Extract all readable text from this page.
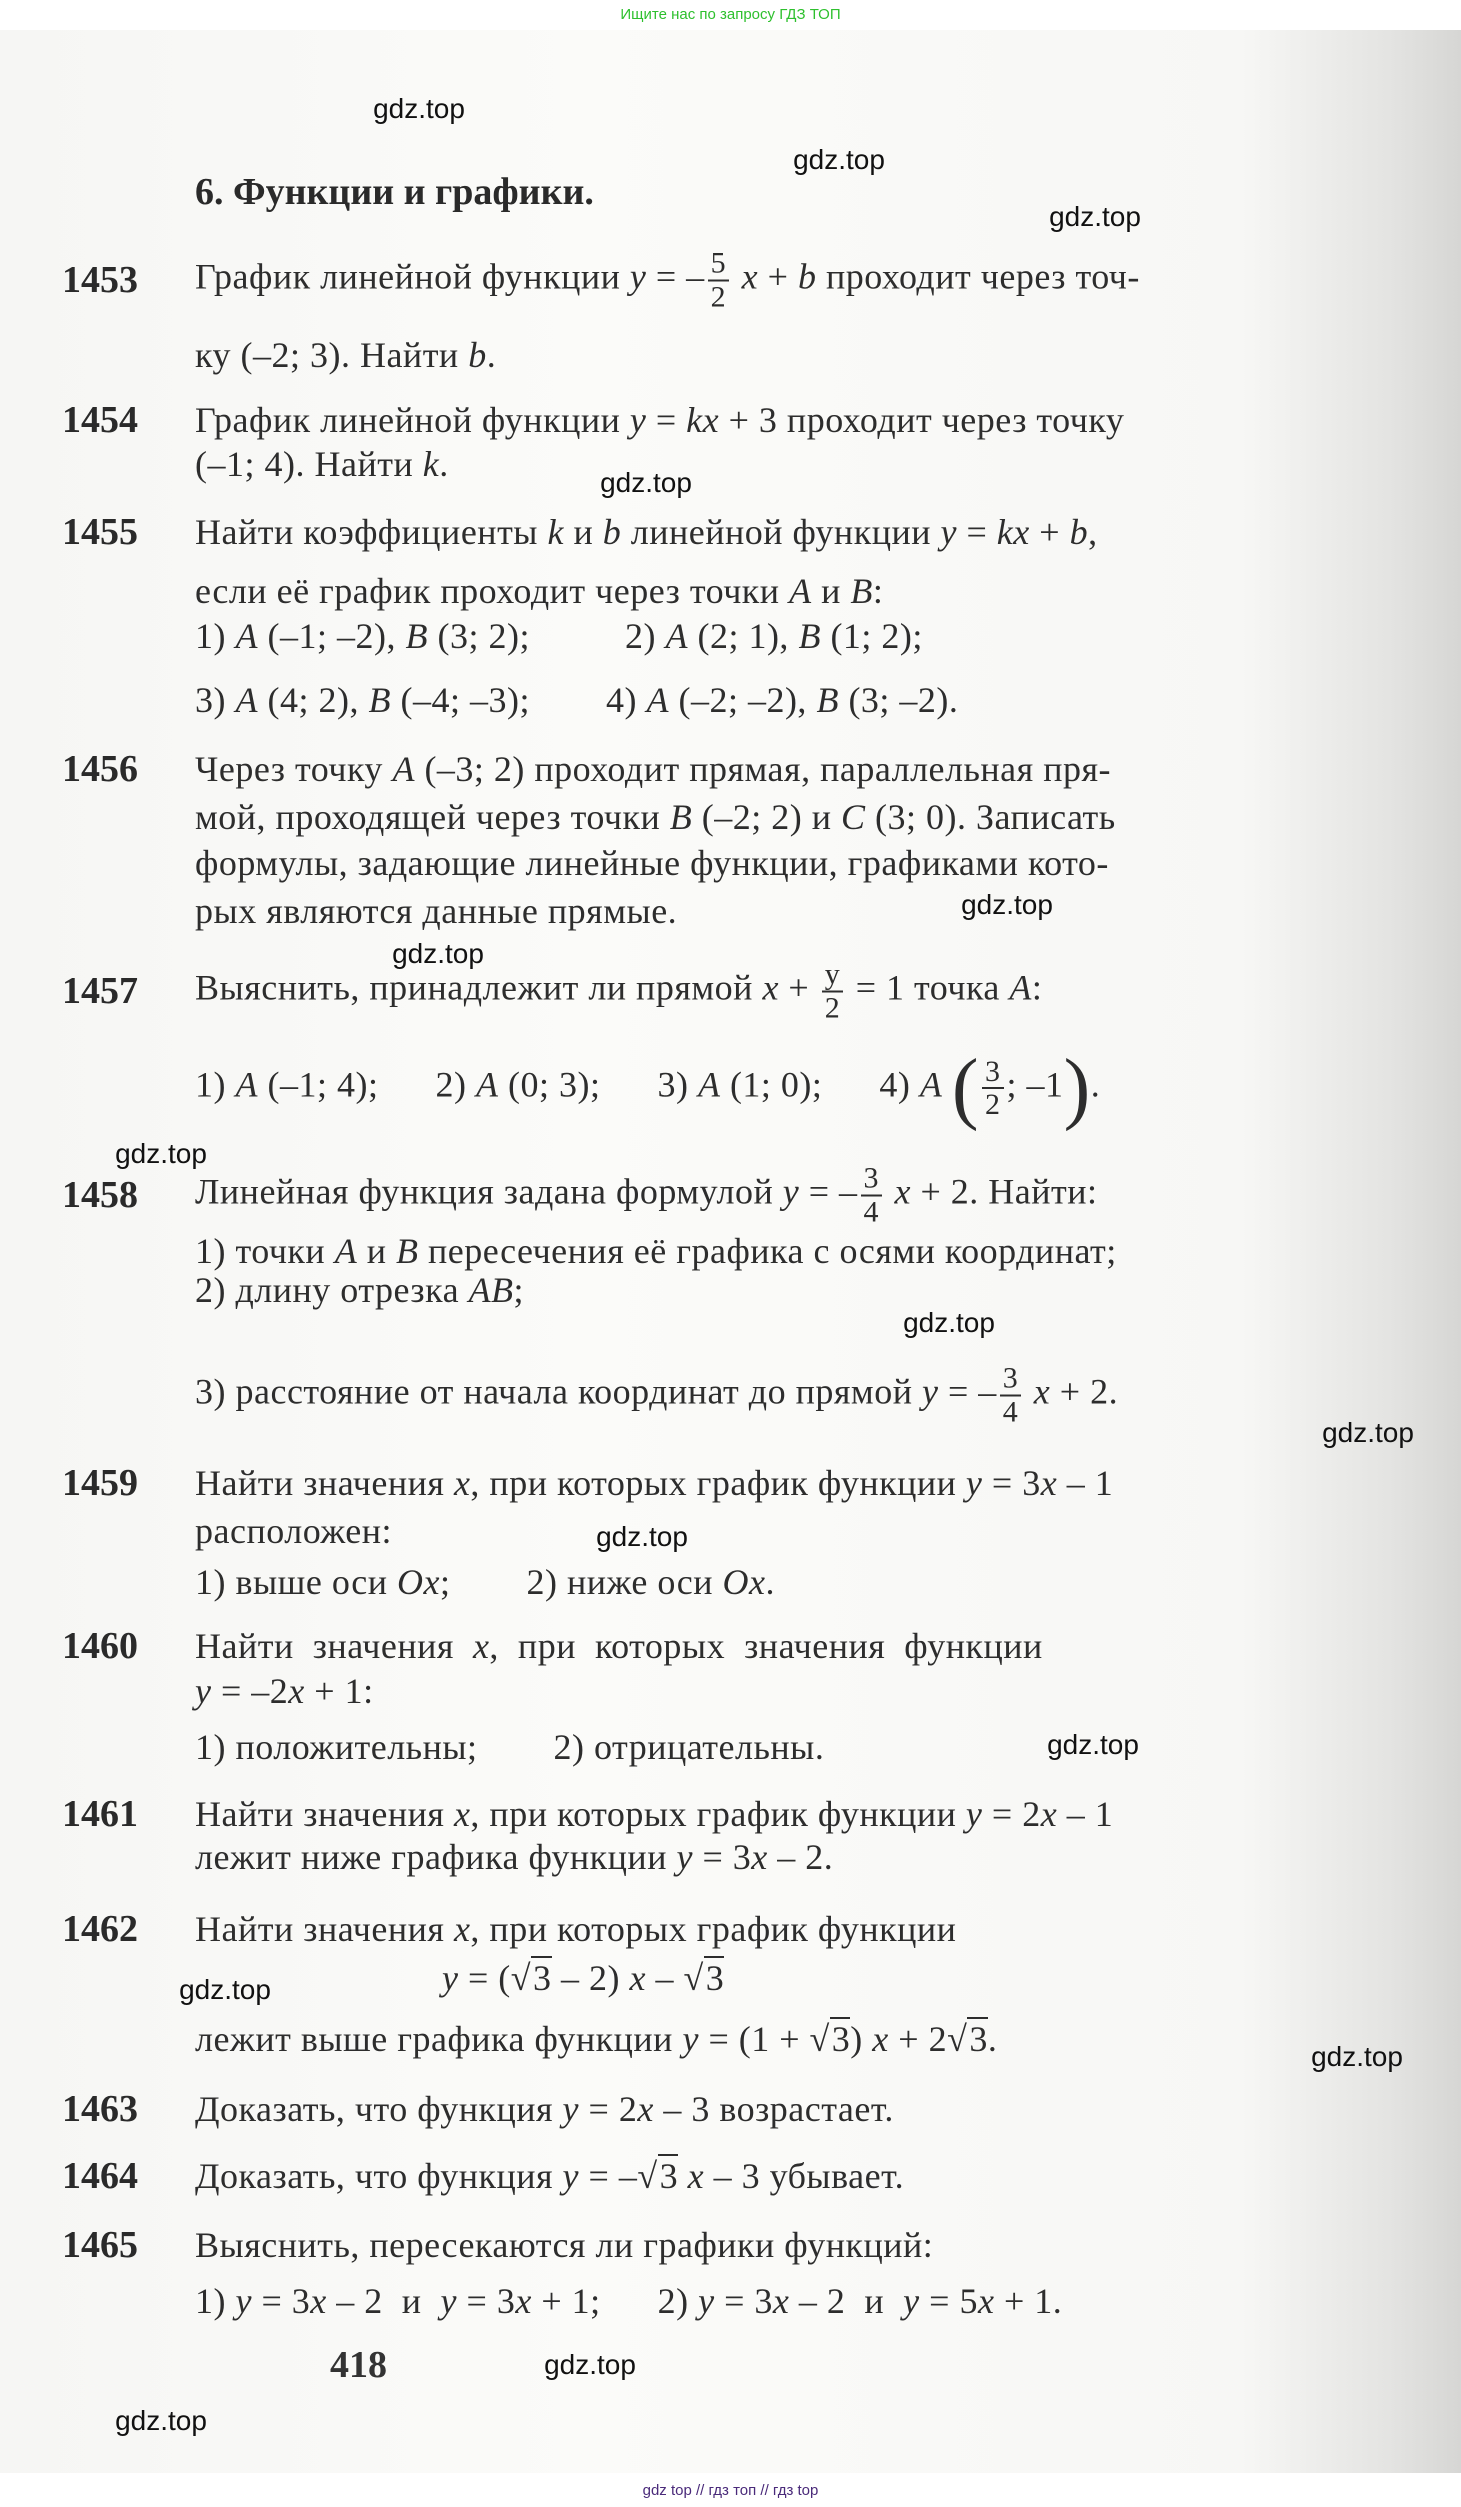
Ищите нас по запросу ГДЗ ТОП
6. Функции и графики.
1453 График линейной функции y = – $\frac{5}{2}$ x + b проходит через точ-
ку (–2; 3). Найти b.
1454 График линейной функции y = kx + 3 проходит через точку
(–1; 4). Найти k.
1455 Найти коэффициенты k и b линейной функции y = kx + b,
если её график проходит через точки A и B:
1) A (–1; –2), B (3; 2);          2) A (2; 1), B (1; 2);
3) A (4; 2), B (–4; –3);        4) A (–2; –2), B (3; –2).
1456 Через точку A (–3; 2) проходит прямая, параллельная пря-
мой, проходящей через точки B (–2; 2) и C (3; 0). Записать
формулы, задающие линейные функции, графиками кото-
рых являются данные прямые.
1457 Выяснить, принадлежит ли прямой $x + \frac{y}{2} = 1$ точка A:
1) A (–1; 4);      2) A (0; 3);      3) A (1; 0);      4) A ( $\frac{3}{2}$ ; –1).
1458 Линейная функция задана формулой y = – $\frac{3}{4}$ x + 2. Найти:
1) точки A и B пересечения её графика с осями координат;
2) длину отрезка AB;
3) расстояние от начала координат до прямой y = – $\frac{3}{4}$ x + 2.
1459 Найти значения x, при которых график функции y = 3x – 1
расположен:
1) выше оси Ox;        2) ниже оси Ox.
1460 Найти  значения  x,  при  которых  значения  функции
y = –2x + 1:
1) положительны;        2) отрицательны.
1461 Найти значения x, при которых график функции y = 2x – 1
лежит ниже графика функции y = 3x – 2.
1462 Найти значения x, при которых график функции
y = (√3 – 2) x – √3
лежит выше графика функции y = (1 + √3) x + 2√3.
1463 Доказать, что функция y = 2x – 3 возрастает.
1464 Доказать, что функция y = –√3 x – 3 убывает.
1465 Выяснить, пересекаются ли графики функций:
1) y = 3x – 2  и  y = 3x + 1;      2) y = 3x – 2  и  y = 5x + 1.
418
gdz.top
gdz.top
gdz.top
gdz.top
gdz.top
gdz.top
gdz.top
gdz.top
gdz.top
gdz.top
gdz.top
gdz.top
gdz.top
gdz.top
gdz.top
gdz top // гдз топ // гдз top
